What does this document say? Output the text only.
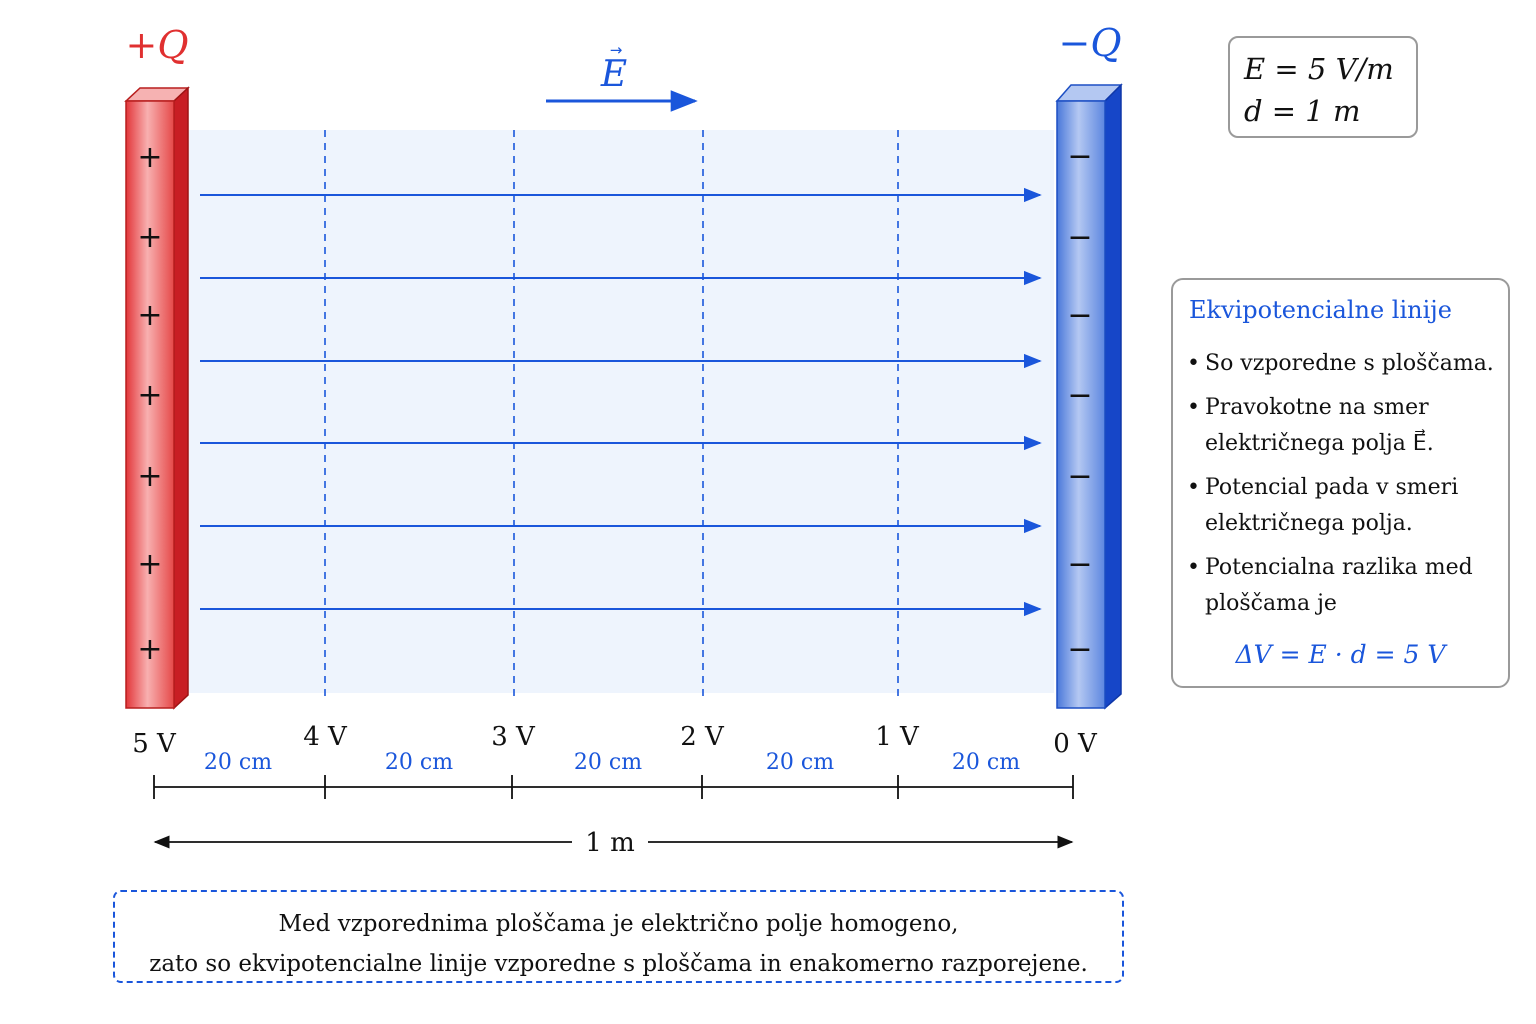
+
+
+
+
+
+
+
−
−
−
−
−
−
−
+Q	−Q
→
E
5 V	4 V	3 V	2 V	1 V	0 V
20 cm	20 cm	20 cm	20 cm	20 cm
1 m
E = 5 V/m
d = 1 m
Ekvipotencialne linije
• So vzporedne s ploščama.
• Pravokotne na smer električnega polja E⃗.
• Potencial pada v smeri električnega polja.
• Potencialna razlika med ploščama je
ΔV = E · d = 5 V
Med vzporednima ploščama je električno polje homogeno,
zato so ekvipotencialne linije vzporedne s ploščama in enakomerno razporejene.
